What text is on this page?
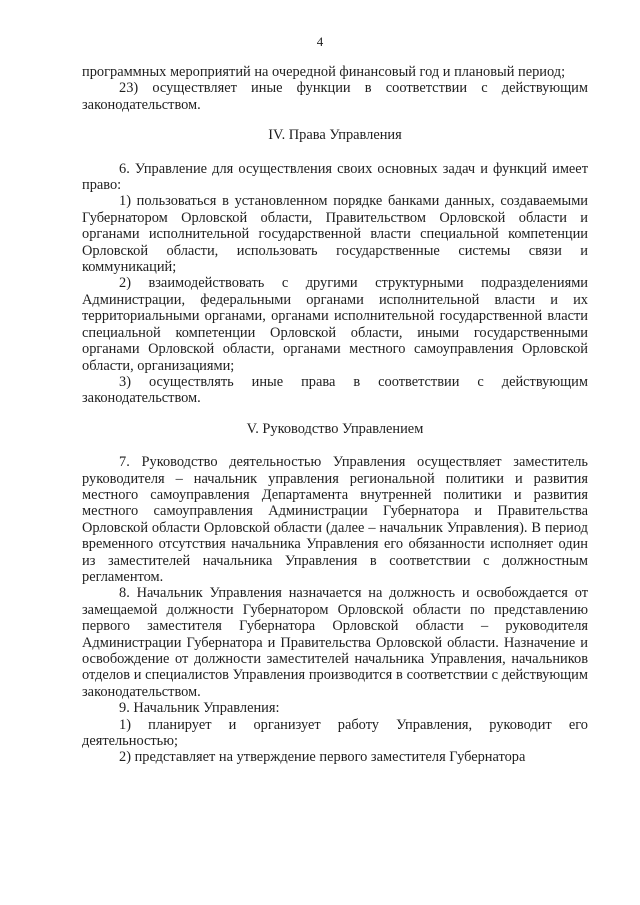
4

программных мероприятий на очередной финансовый год и плановый период;

23) осуществляет иные функции в соответствии с действующим законодательством.

IV. Права Управления

6. Управление для осуществления своих основных задач и функций имеет право:

1) пользоваться в установленном порядке банками данных, создаваемыми Губернатором Орловской области, Правительством Орловской области и органами исполнительной государственной власти специальной компетенции Орловской области, использовать государственные системы связи и коммуникаций;

2) взаимодействовать с другими структурными подразделениями Администрации, федеральными органами исполнительной власти и их территориальными органами, органами исполнительной государственной власти специальной компетенции Орловской области, иными государственными органами Орловской области, органами местного самоуправления Орловской области, организациями;

3) осуществлять иные права в соответствии с действующим законодательством.

V. Руководство Управлением

7. Руководство деятельностью Управления осуществляет заместитель руководителя – начальник управления региональной политики и развития местного самоуправления Департамента внутренней политики и развития местного самоуправления Администрации Губернатора и Правительства Орловской области Орловской области (далее – начальник Управления). В период временного отсутствия начальника Управления его обязанности исполняет один из заместителей начальника Управления в соответствии с должностным регламентом.

8. Начальник Управления назначается на должность и освобождается от замещаемой должности Губернатором Орловской области по представлению первого заместителя Губернатора Орловской области – руководителя Администрации Губернатора и Правительства Орловской области. Назначение и освобождение от должности заместителей начальника Управления, начальников отделов и специалистов Управления производится в соответствии с действующим законодательством.

9. Начальник Управления:

1) планирует и организует работу Управления, руководит его деятельностью;

2) представляет на утверждение первого заместителя Губернатора
